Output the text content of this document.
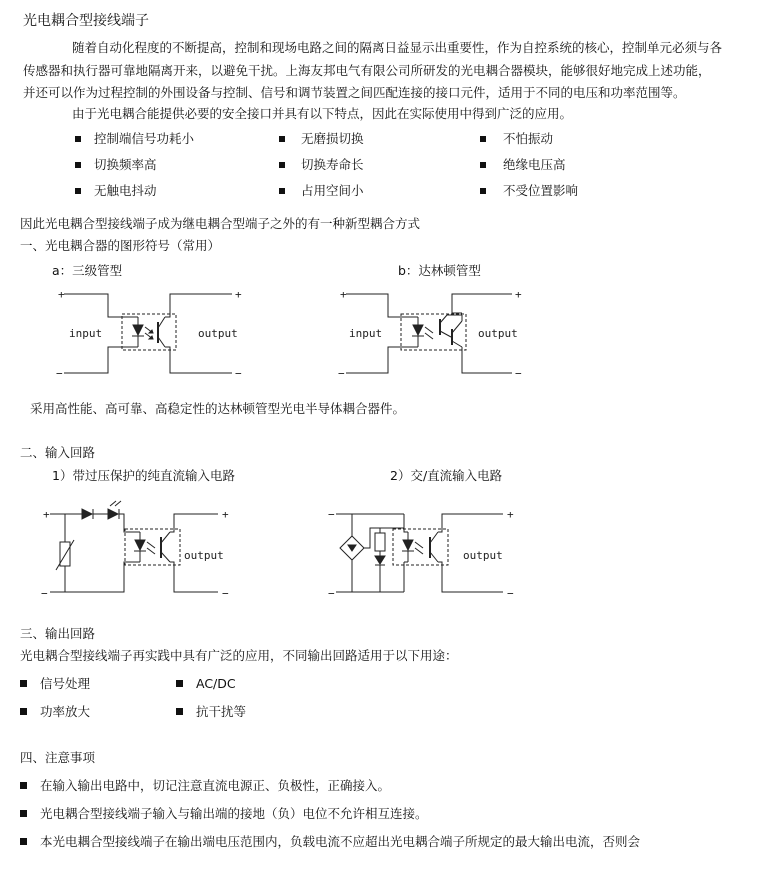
光电耦合型接线端子
随着自动化程度的不断提高，控制和现场电路之间的隔离日益显示出重要性，作为自控系统的核心，控制单元必须与各
传感器和执行器可靠地隔离开来，以避免干扰。上海友邦电气有限公司所研发的光电耦合器模块，能够很好地完成上述功能，
并还可以作为过程控制的外围设备与控制、信号和调节装置之间匹配连接的接口元件，适用于不同的电压和功率范围等。
由于光电耦合能提供必要的安全接口并具有以下特点，因此在实际使用中得到广泛的应用。
控制端信号功耗小	无磨损切换	不怕振动
切换频率高	切换寿命长	绝缘电压高
无触电抖动	占用空间小	不受位置影响
因此光电耦合型接线端子成为继电耦合型端子之外的有一种新型耦合方式
一、光电耦合器的图形符号（常用）
a：三级管型	b：达林顿管型
+
−
+
−
input	output
+
−
+
−
input	output
采用高性能、高可靠、高稳定性的达林顿管型光电半导体耦合器件。
二、输入回路
1）带过压保护的纯直流输入电路	2）交/直流输入电路
+
−
+
−
output
−
−
+
−
output
三、输出回路
光电耦合型接线端子再实践中具有广泛的应用，不同输出回路适用于以下用途：
信号处理	AC/DC
功率放大	抗干扰等
四、注意事项
在输入输出电路中，切记注意直流电源正、负极性，正确接入。
光电耦合型接线端子输入与输出端的接地（负）电位不允许相互连接。
本光电耦合型接线端子在输出端电压范围内，负载电流不应超出光电耦合端子所规定的最大输出电流，否则会
